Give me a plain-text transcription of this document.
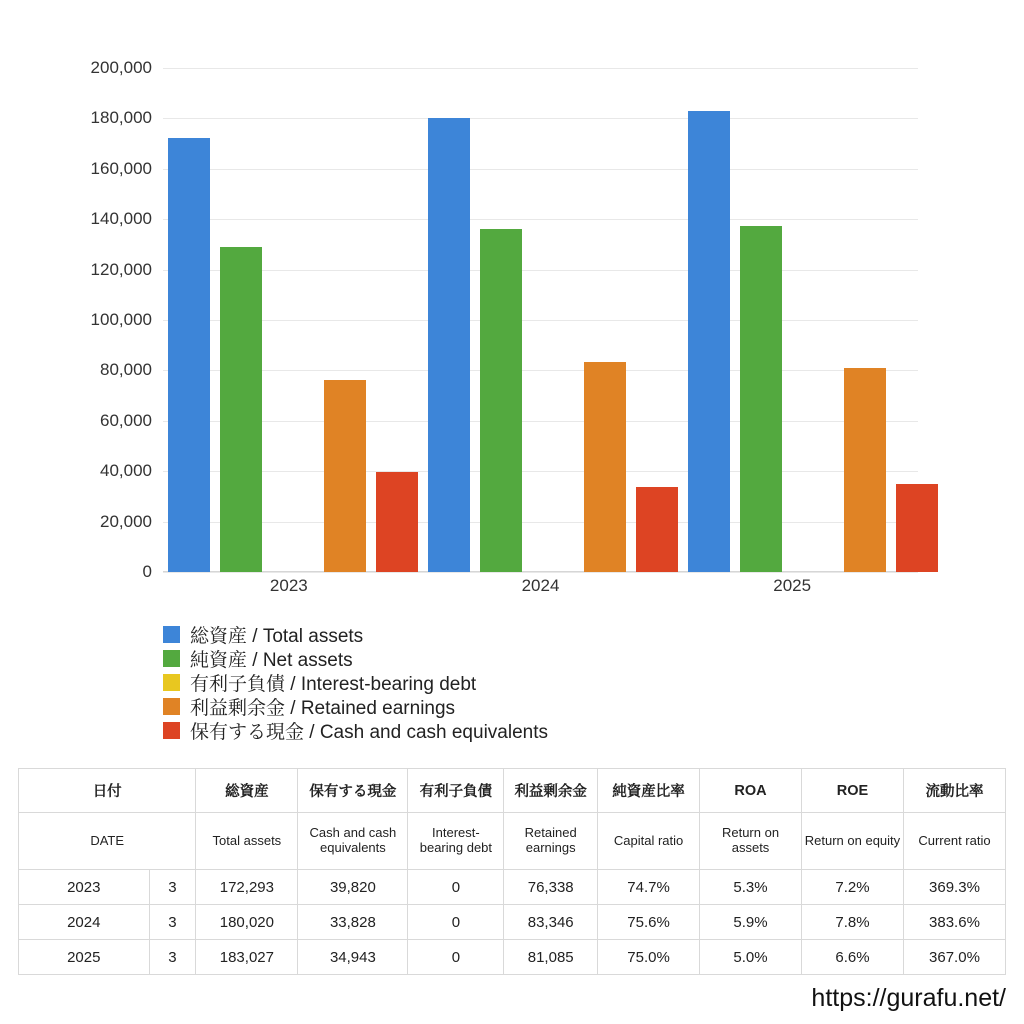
0
20,000
40,000
60,000
80,000
100,000
120,000
140,000
160,000
180,000
200,000
2023	2024	2025
総資産 / Total assets
純資産 / Net assets
有利子負債 / Interest-bearing debt
利益剰余金 / Retained earnings
保有する現金 / Cash and cash equivalents
日付		総資産	保有する現金	有利子負債	利益剰余金	純資産比率	ROA	ROE	流動比率
DATE		Total assets	Cash and cash equivalents	Interest-bearing debt	Retained earnings	Capital ratio	Return on assets	Return on equity	Current ratio
2023	3	172,293	39,820	0	76,338	74.7%	5.3%	7.2%	369.3%
2024	3	180,020	33,828	0	83,346	75.6%	5.9%	7.8%	383.6%
2025	3	183,027	34,943	0	81,085	75.0%	5.0%	6.6%	367.0%
https://gurafu.net/
